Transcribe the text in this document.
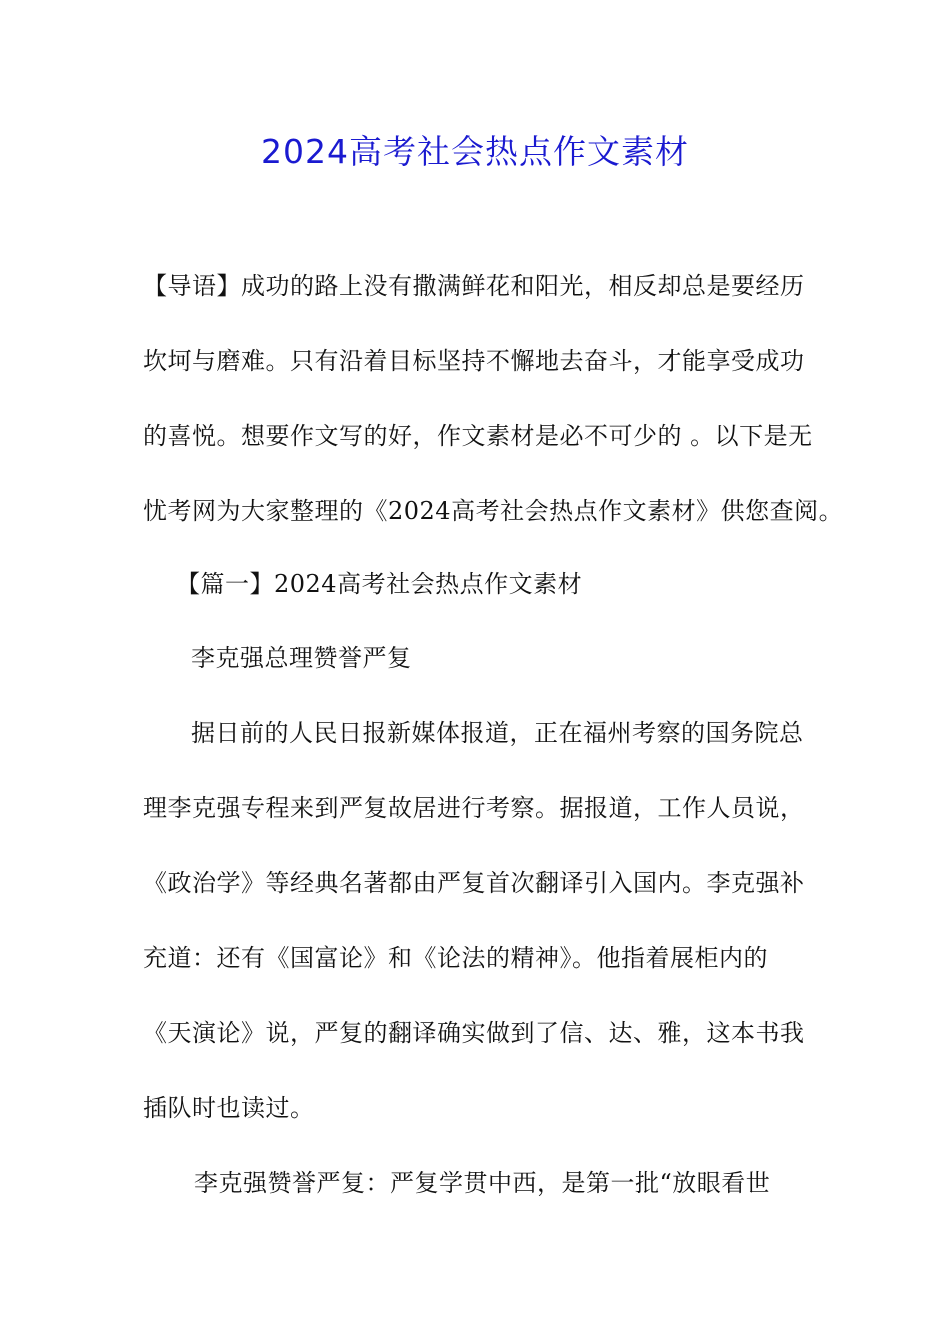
2024高考社会热点作文素材
【导语】成功的路上没有撒满鲜花和阳光，相反却总是要经历
坎坷与磨难。只有沿着目标坚持不懈地去奋斗，才能享受成功
的喜悦。想要作文写的好，作文素材是必不可少的 。以下是无
忧考网为大家整理的《2024高考社会热点作文素材》供您查阅。
【篇一】2024高考社会热点作文素材
李克强总理赞誉严复
据日前的人民日报新媒体报道，正在福州考察的国务院总
理李克强专程来到严复故居进行考察。据报道，工作人员说，
《政治学》等经典名著都由严复首次翻译引入国内。李克强补
充道：还有《国富论》和《论法的精神》。他指着展柜内的
《天演论》说，严复的翻译确实做到了信、达、雅，这本书我
插队时也读过。
李克强赞誉严复：严复学贯中西，是第一批“放眼看世
